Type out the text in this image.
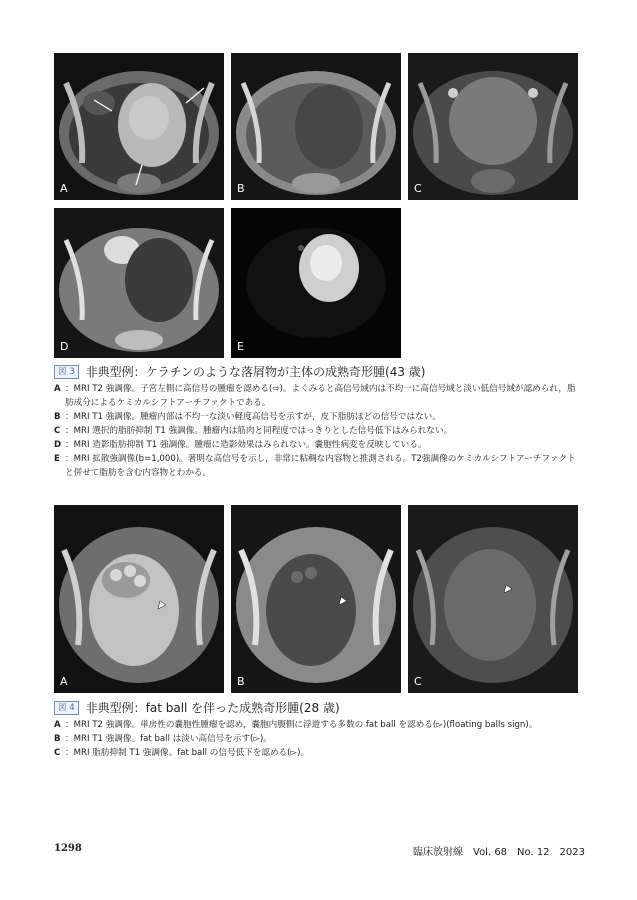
A	B	C
D	E
図 3 非典型例：ケラチンのような落屑物が主体の成熟奇形腫(43 歳)
A ：MRI T2 強調像。子宮左側に高信号の腫瘤を認める(⇨)。よくみると高信号域内は不均一に高信号域と淡い低信号域が認められ，脂肪成分によるケミカルシフトアーチファクトである。
B ：MRI T1 強調像。腫瘤内部は不均一な淡い軽度高信号を示すが，皮下脂肪ほどの信号ではない。
C ：MRI 選択的脂肪抑制 T1 強調像。腫瘤内は筋肉と同程度ではっきりとした信号低下はみられない。
D ：MRI 造影脂肪抑制 T1 強調像。腫瘤に造影効果はみられない。嚢胞性病変を反映している。
E ：MRI 拡散強調像(b=1,000)。著明な高信号を示し，非常に粘稠な内容物と推測される。T2強調像のケミカルシフトアーチファクトと併せて脂肪を含む内容物とわかる。
A	B	C
図 4 非典型例：fat ball を伴った成熟奇形腫(28 歳)
A ：MRI T2 強調像。単房性の嚢胞性腫瘤を認め，嚢胞内腹側に浮遊する多数の fat ball を認める(▻)(floating balls sign)。
B ：MRI T1 強調像。fat ball は淡い高信号を示す(▻)。
C ：MRI 脂肪抑制 T1 強調像。fat ball の信号低下を認める(▻)。
1298	臨床放射線　Vol. 68　No. 12　2023
